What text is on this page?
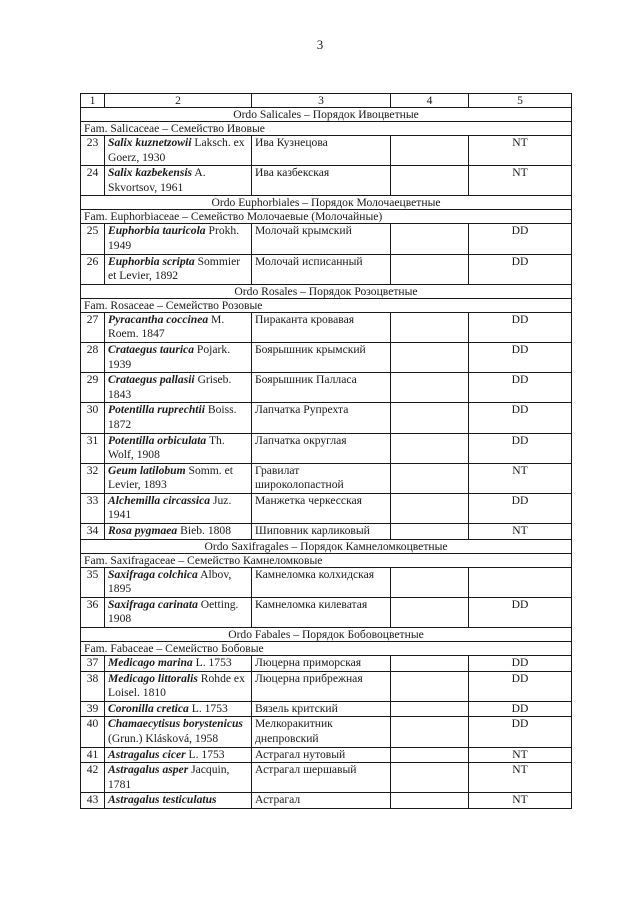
3
1	2	3	4	5
Ordo Salicales – Порядок Ивоцветные				
Fam. Salicaceae – Семейство Ивовые				
23	Salix kuznetzowii Laksch. ex Goerz, 1930	Ива Кузнецова		NT
24	Salix kazbekensis A. Skvortsov, 1961	Ива казбекская		NT
Ordo Euphorbiales – Порядок Молочаецветные				
Fam. Euphorbiaceae – Семейство Молочаевые (Молочайные)				
25	Euphorbia tauricola Prokh. 1949	Молочай крымский		DD
26	Euphorbia scripta Sommier et Levier, 1892	Молочай исписанный		DD
Ordo Rosales – Порядок Розоцветные				
Fam. Rosaceae – Семейство Розовые				
27	Pyracantha coccinea M. Roem. 1847	Пираканта кровавая		DD
28	Crataegus taurica Pojark. 1939	Боярышник крымский		DD
29	Crataegus pallasii Griseb. 1843	Боярышник Палласа		DD
30	Potentilla ruprechtii Boiss. 1872	Лапчатка Рупрехта		DD
31	Potentilla orbiculata Th. Wolf, 1908	Лапчатка округлая		DD
32	Geum latilobum Somm. et Levier, 1893	Гравилат широколопастной		NT
33	Alchemilla circassica Juz. 1941	Манжетка черкесская		DD
34	Rosa pygmaea Bieb. 1808	Шиповник карликовый		NT
Ordo Saxifragales – Порядок Камнеломкоцветные				
Fam. Saxifragaceae – Семейство Камнеломковые				
35	Saxifraga colchica Albov, 1895	Камнеломка колхидская		
36	Saxifraga carinata Oetting. 1908	Камнеломка килеватая		DD
Ordo Fabales – Порядок Бобовоцветные				
Fam. Fabaceae – Семейство Бобовые				
37	Medicago marina L. 1753	Люцерна приморская		DD
38	Medicago littoralis Rohde ex Loisel. 1810	Люцерна прибрежная		DD
39	Coronilla cretica L. 1753	Вязель критский		DD
40	Chamaecytisus borystenicus (Grun.) Klásková, 1958	Мелкоракитник днепровский		DD
41	Astragalus cicer L. 1753	Астрагал нутовый		NT
42	Astragalus asper Jacquin, 1781	Астрагал шершавый		NT
43	Astragalus testiculatus	Астрагал		NT
